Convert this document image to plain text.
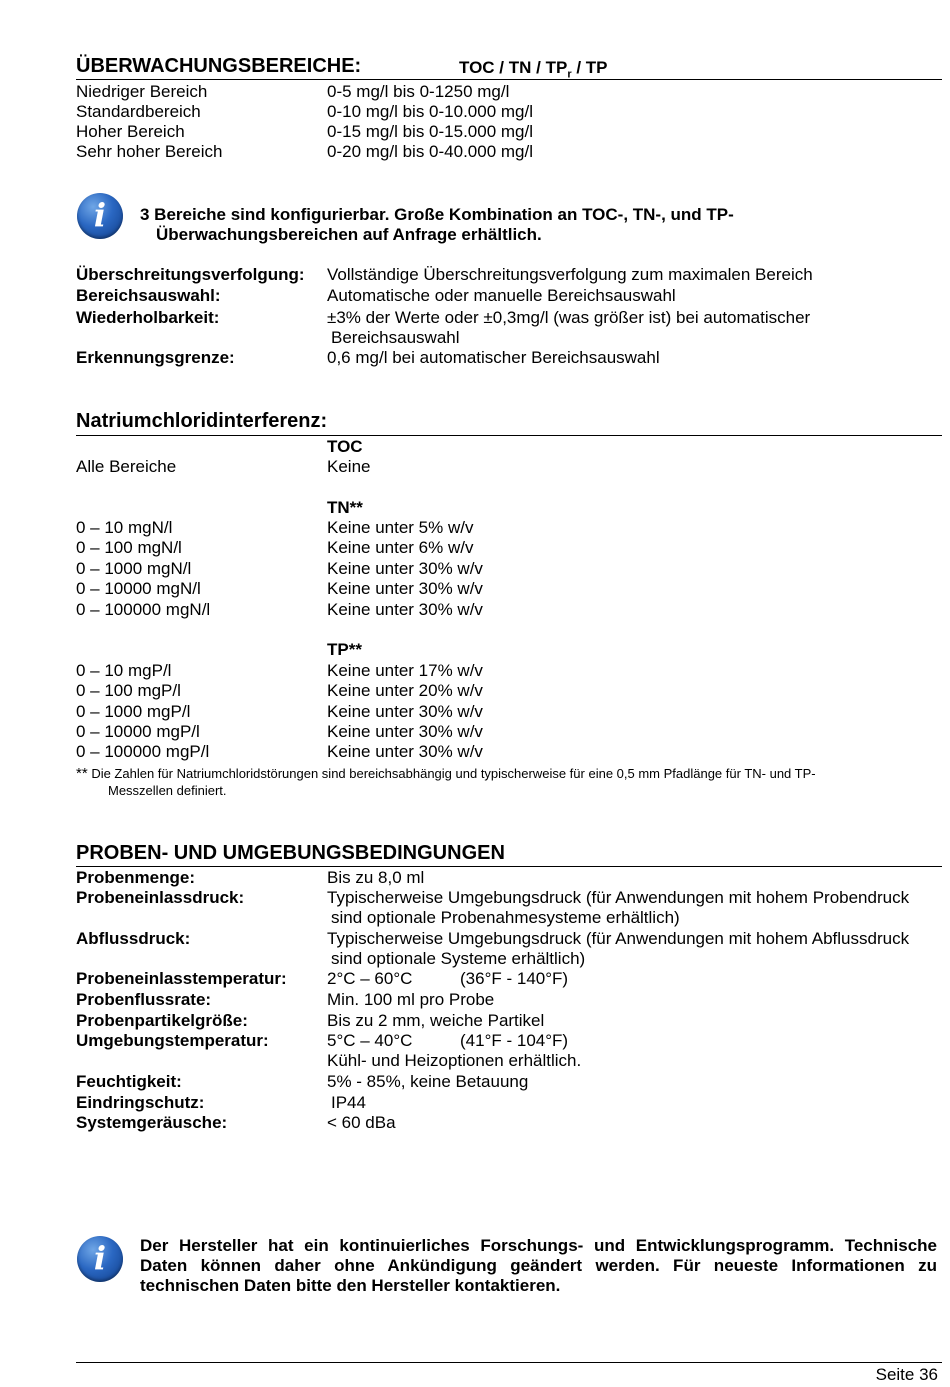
ÜBERWACHUNGSBEREICHE:	TOC / TN / $TP_r$ / TP
Niedriger Bereich	0-5 mg/l bis 0-1250 mg/l
Standardbereich	0-10 mg/l bis 0-10.000 mg/l
Hoher Bereich	0-15 mg/l bis 0-15.000 mg/l
Sehr hoher Bereich	0-20 mg/l bis 0-40.000 mg/l
i	3 Bereiche sind konfigurierbar. Große Kombination an TOC-, TN-, und TP-
Überwachungsbereichen auf Anfrage erhältlich.
Überschreitungsverfolgung: Vollständige Überschreitungsverfolgung zum maximalen Bereich
Bereichsauswahl:	Automatische oder manuelle Bereichsauswahl
Wiederholbarkeit:	±3% der Werte oder ±0,3mg/l (was größer ist) bei automatischer
Bereichsauswahl
Erkennungsgrenze:	0,6 mg/l bei automatischer Bereichsauswahl
Natriumchloridinterferenz:
TOC
Alle Bereiche	Keine
TN**
0 – 10 mgN/l	Keine unter 5% w/v
0 – 100 mgN/l	Keine unter 6% w/v
0 – 1000 mgN/l	Keine unter 30% w/v
0 – 10000 mgN/l	Keine unter 30% w/v
0 – 100000 mgN/l	Keine unter 30% w/v
TP**
0 – 10 mgP/l	Keine unter 17% w/v
0 – 100 mgP/l	Keine unter 20% w/v
0 – 1000 mgP/l	Keine unter 30% w/v
0 – 10000 mgP/l	Keine unter 30% w/v
0 – 100000 mgP/l	Keine unter 30% w/v
** Die Zahlen für Natriumchloridstörungen sind bereichsabhängig und typischerweise für eine 0,5 mm Pfadlänge für TN- und TP-
Messzellen definiert.
PROBEN- UND UMGEBUNGSBEDINGUNGEN
Probenmenge:	Bis zu 8,0 ml
Probeneinlassdruck:	Typischerweise Umgebungsdruck (für Anwendungen mit hohem Probendruck
sind optionale Probenahmesysteme erhältlich)
Abflussdruck:	Typischerweise Umgebungsdruck (für Anwendungen mit hohem Abflussdruck
sind optionale Systeme erhältlich)
Probeneinlasstemperatur: 2°C – 60°C	(36°F - 140°F)
Probenflussrate:	Min. 100 ml pro Probe
Probenpartikelgröße:	Bis zu 2 mm, weiche Partikel
Umgebungstemperatur:	5°C – 40°C	(41°F - 104°F)
Kühl- und Heizoptionen erhältlich.
Feuchtigkeit:	5% - 85%, keine Betauung
Eindringschutz:	IP44
Systemgeräusche:	< 60 dBa
i	Der Hersteller hat ein kontinuierliches Forschungs- und Entwicklungsprogramm. Technische Daten können daher ohne Ankündigung geändert werden. Für neueste Informationen zu technischen Daten bitte den Hersteller kontaktieren.
Seite 36
